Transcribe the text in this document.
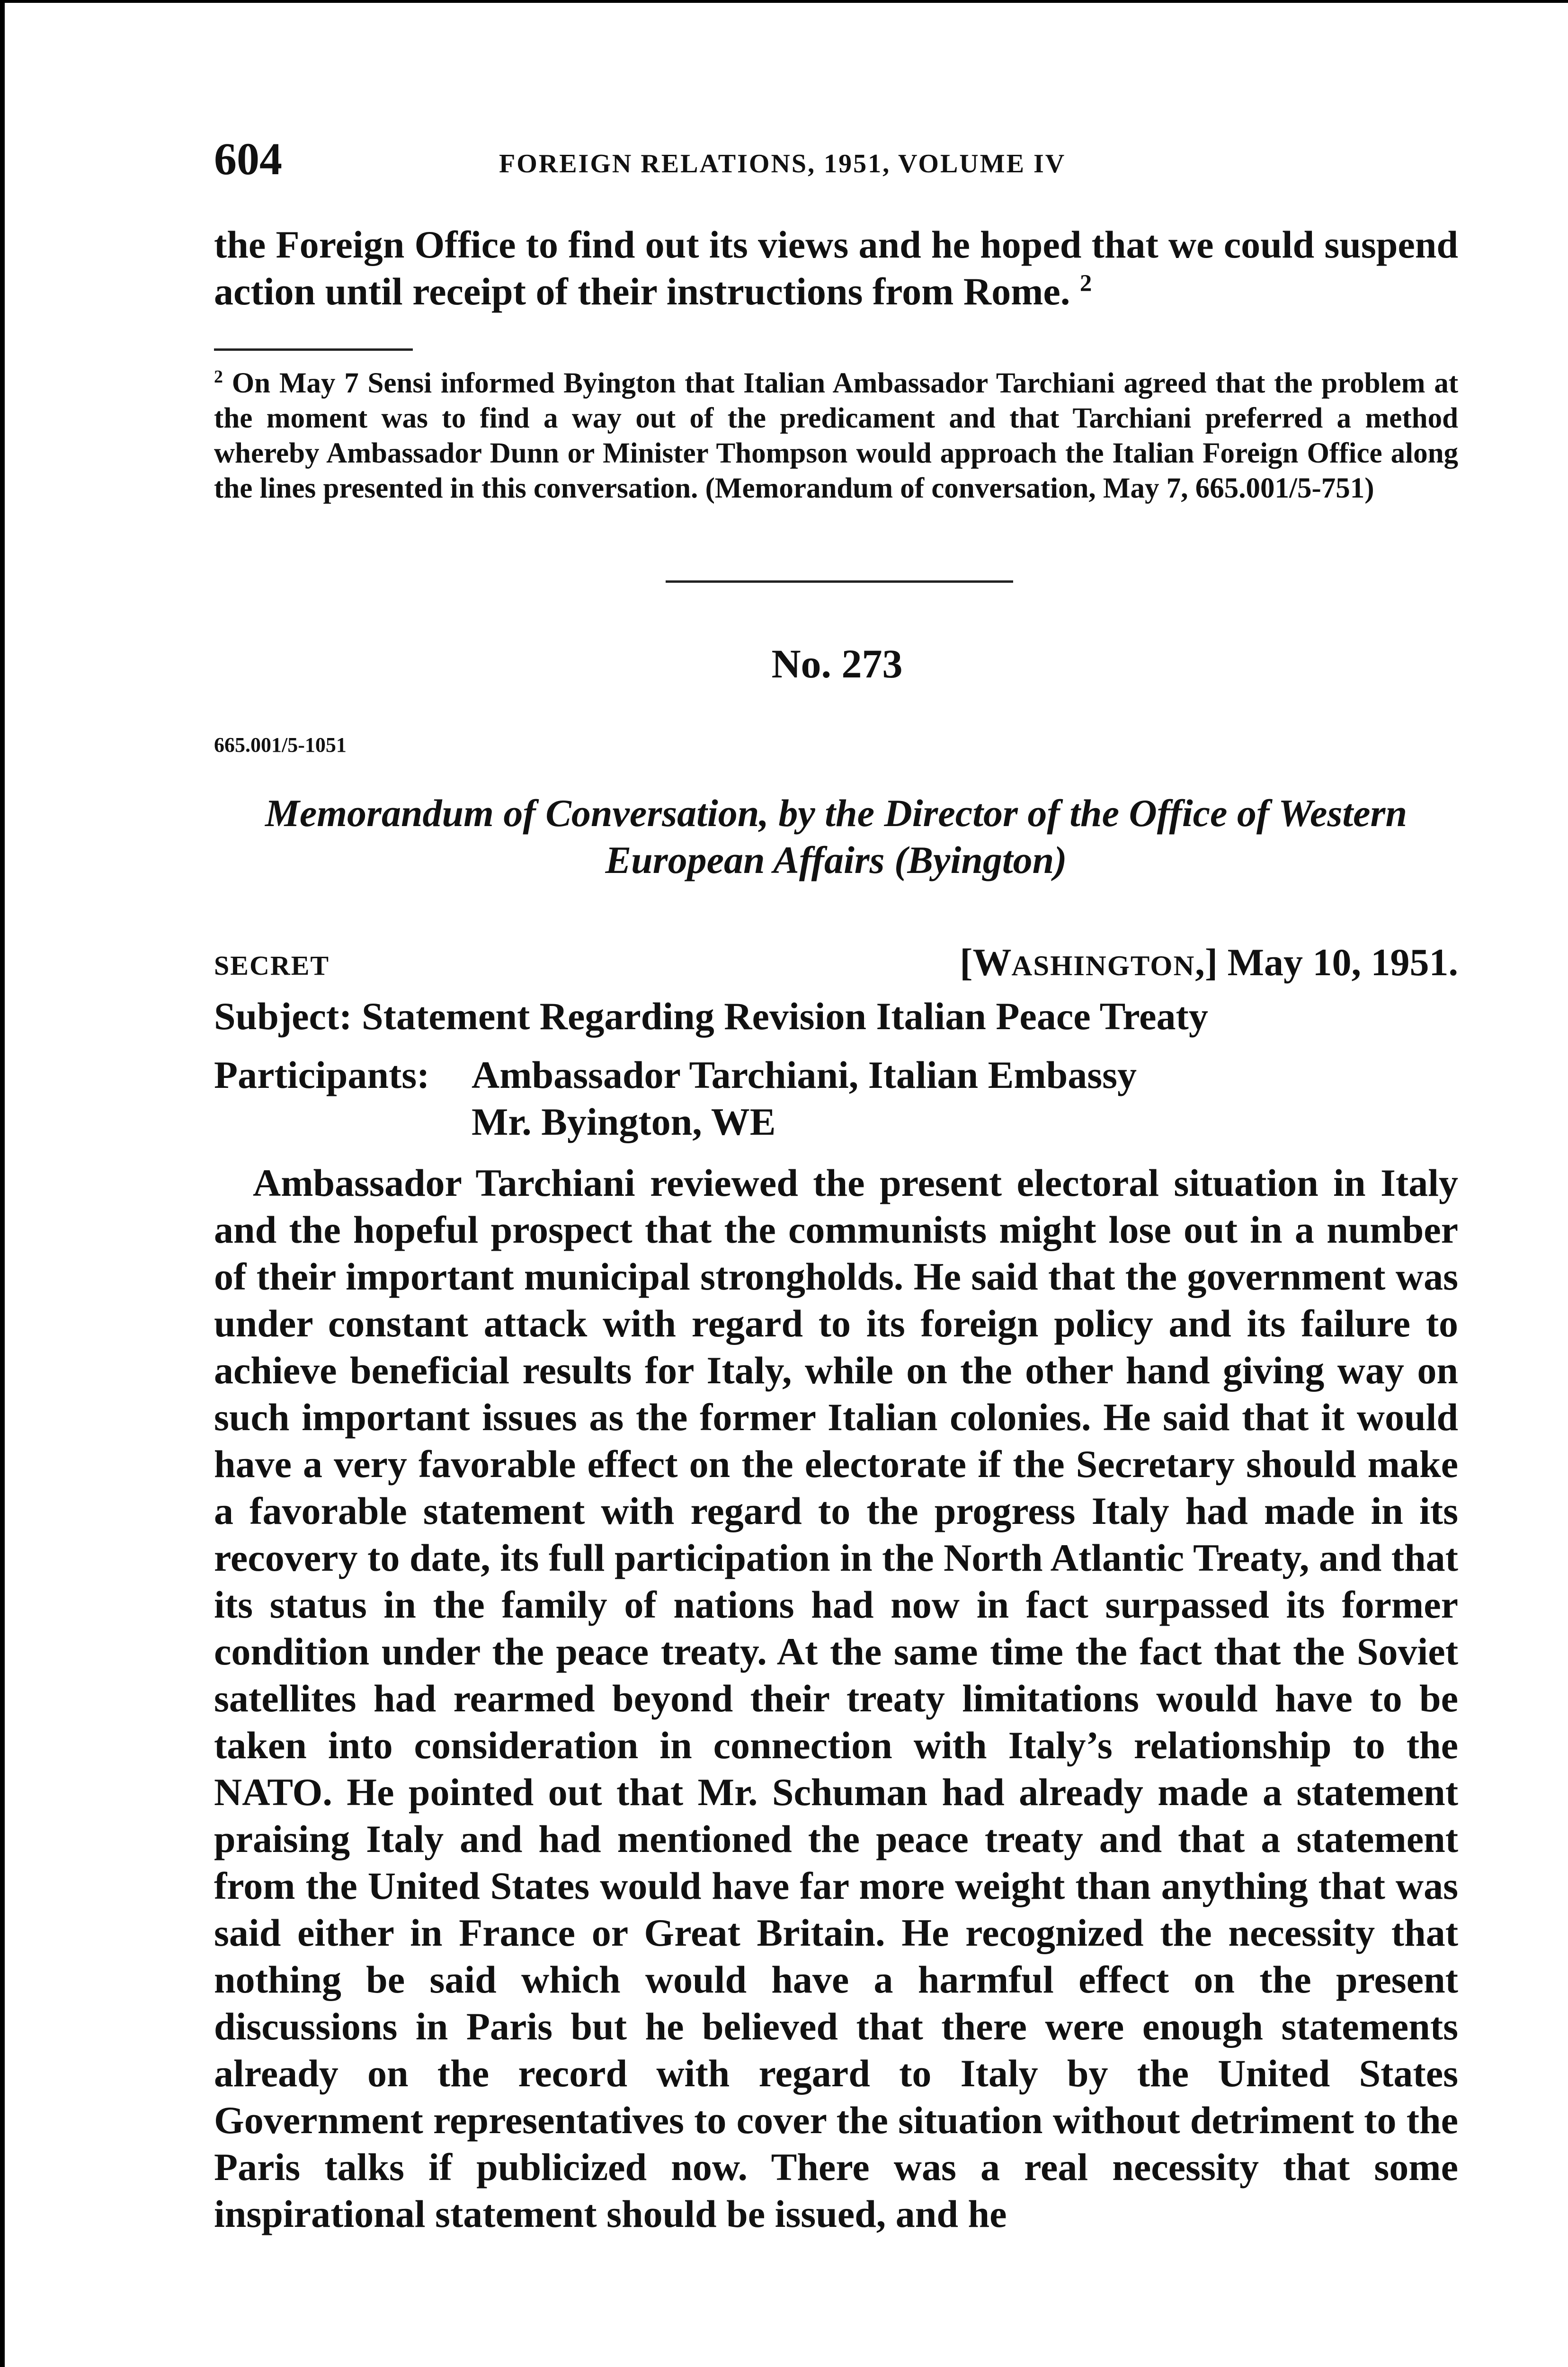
604	FOREIGN RELATIONS, 1951, VOLUME IV
the Foreign Office to find out its views and he hoped that we could suspend action until receipt of their instructions from Rome. $^2$
$^2$ On May 7 Sensi informed Byington that Italian Ambassador Tarchiani agreed that the problem at the moment was to find a way out of the predicament and that Tarchiani preferred a method whereby Ambassador Dunn or Minister Thompson would approach the Italian Foreign Office along the lines presented in this conversation. (Memorandum of conversation, May 7, 665.001/5-751)
No. 273
665.001/5-1051
Memorandum of Conversation, by the Director of the Office of Western European Affairs (Byington)
SECRET	[WASHINGTON,] May 10, 1951.
Subject: Statement Regarding Revision Italian Peace Treaty
Participants: Ambassador Tarchiani, Italian Embassy
Mr. Byington, WE

Ambassador Tarchiani reviewed the present electoral situation in Italy and the hopeful prospect that the communists might lose out in a number of their important municipal strongholds. He said that the government was under constant attack with regard to its foreign policy and its failure to achieve beneficial results for Italy, while on the other hand giving way on such important issues as the former Italian colonies. He said that it would have a very favorable effect on the electorate if the Secretary should make a favorable statement with regard to the progress Italy had made in its recovery to date, its full participation in the North Atlantic Treaty, and that its status in the family of nations had now in fact surpassed its former condition under the peace treaty. At the same time the fact that the Soviet satellites had rearmed beyond their treaty limitations would have to be taken into consideration in connection with Italy’s relationship to the NATO. He pointed out that Mr. Schuman had already made a statement praising Italy and had mentioned the peace treaty and that a statement from the United States would have far more weight than anything that was said either in France or Great Britain. He recognized the necessity that nothing be said which would have a harmful effect on the present discussions in Paris but he believed that there were enough statements already on the record with regard to Italy by the United States Government representatives to cover the situation without detriment to the Paris talks if publicized now. There was a real necessity that some inspirational statement should be issued, and he
